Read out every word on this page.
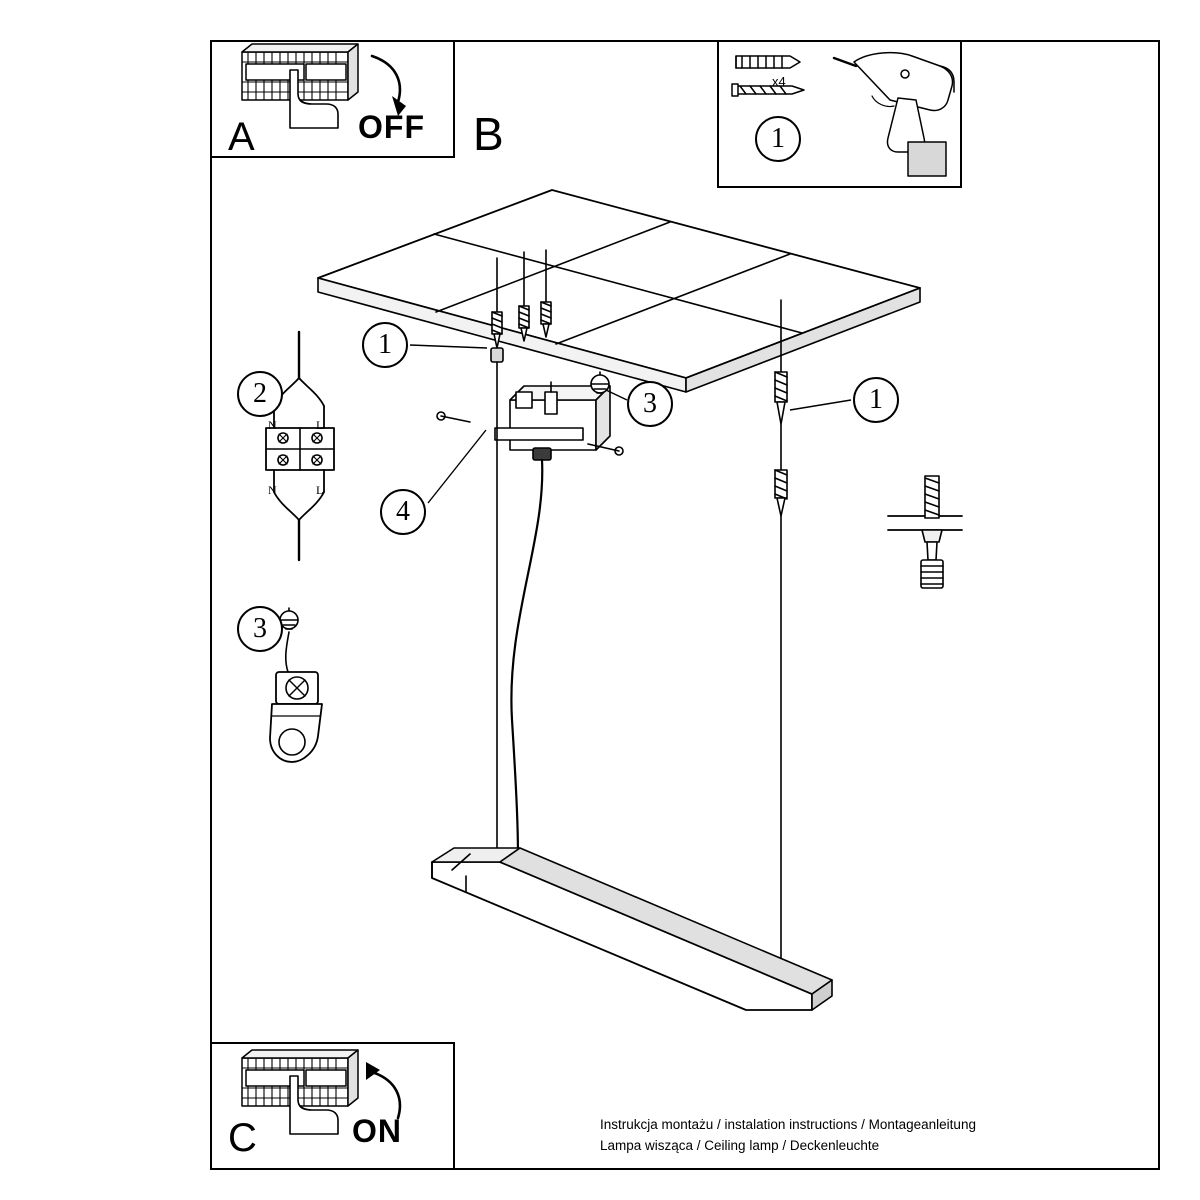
A	OFF B
x4
C	ON
N	L
N	L
1
1
1
2	3
3
4
Instrukcja montażu / instalation instructions / Montageanleitung
Lampa wisząca / Ceiling lamp / Deckenleuchte
